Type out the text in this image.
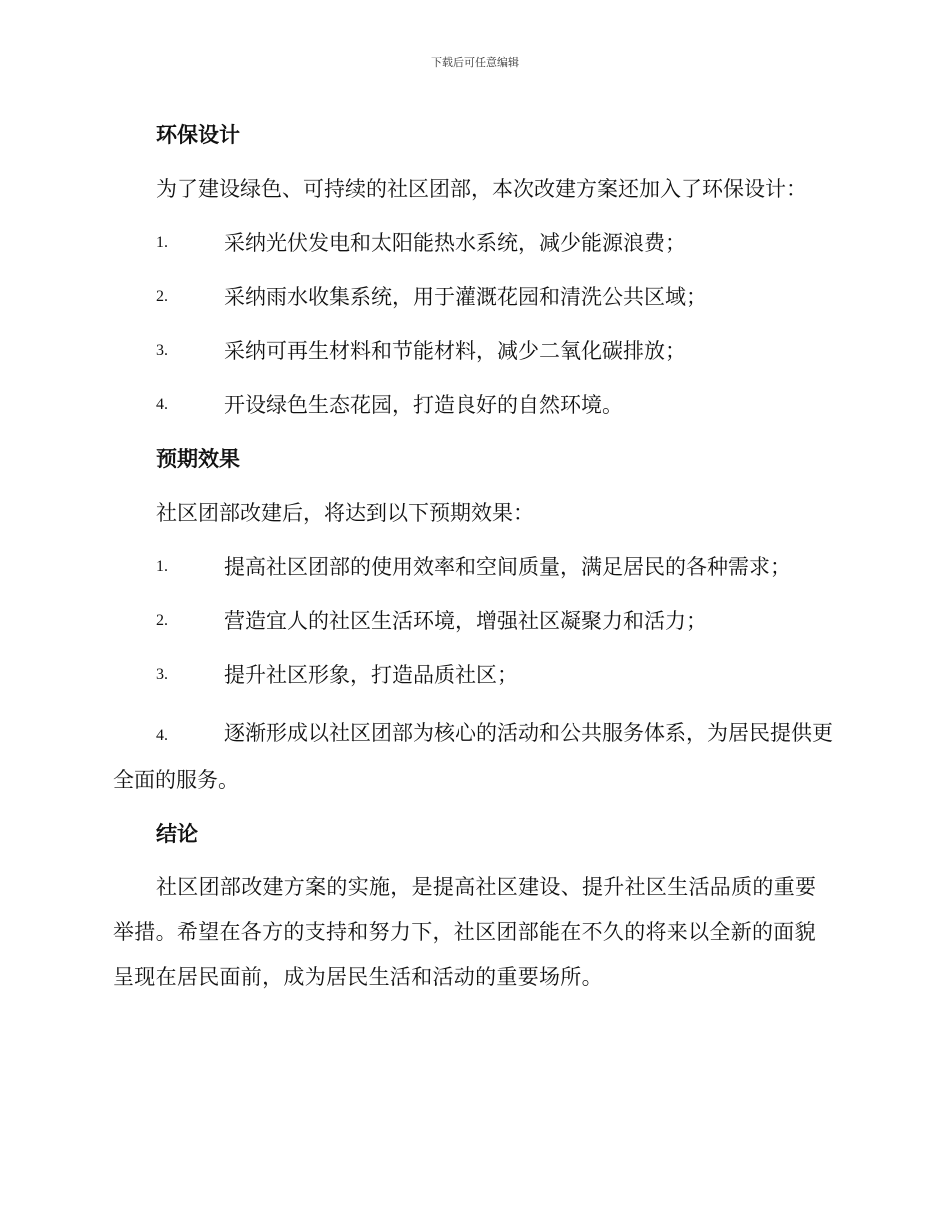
下载后可任意编辑
环保设计

为了建设绿色、可持续的社区团部，本次改建方案还加入了环保设计：

1.	采纳光伏发电和太阳能热水系统，减少能源浪费；
2.	采纳雨水收集系统，用于灌溉花园和清洗公共区域；
3.	采纳可再生材料和节能材料，减少二氧化碳排放；
4.	开设绿色生态花园，打造良好的自然环境。
预期效果

社区团部改建后，将达到以下预期效果：

1.	提高社区团部的使用效率和空间质量，满足居民的各种需求；
2.	营造宜人的社区生活环境，增强社区凝聚力和活力；
3.	提升社区形象，打造品质社区；

4.	逐渐形成以社区团部为核心的活动和公共服务体系，为居民提供更全面的服务。

结论

社区团部改建方案的实施，是提高社区建设、提升社区生活品质的重要举措。希望在各方的支持和努力下，社区团部能在不久的将来以全新的面貌呈现在居民面前，成为居民生活和活动的重要场所。
